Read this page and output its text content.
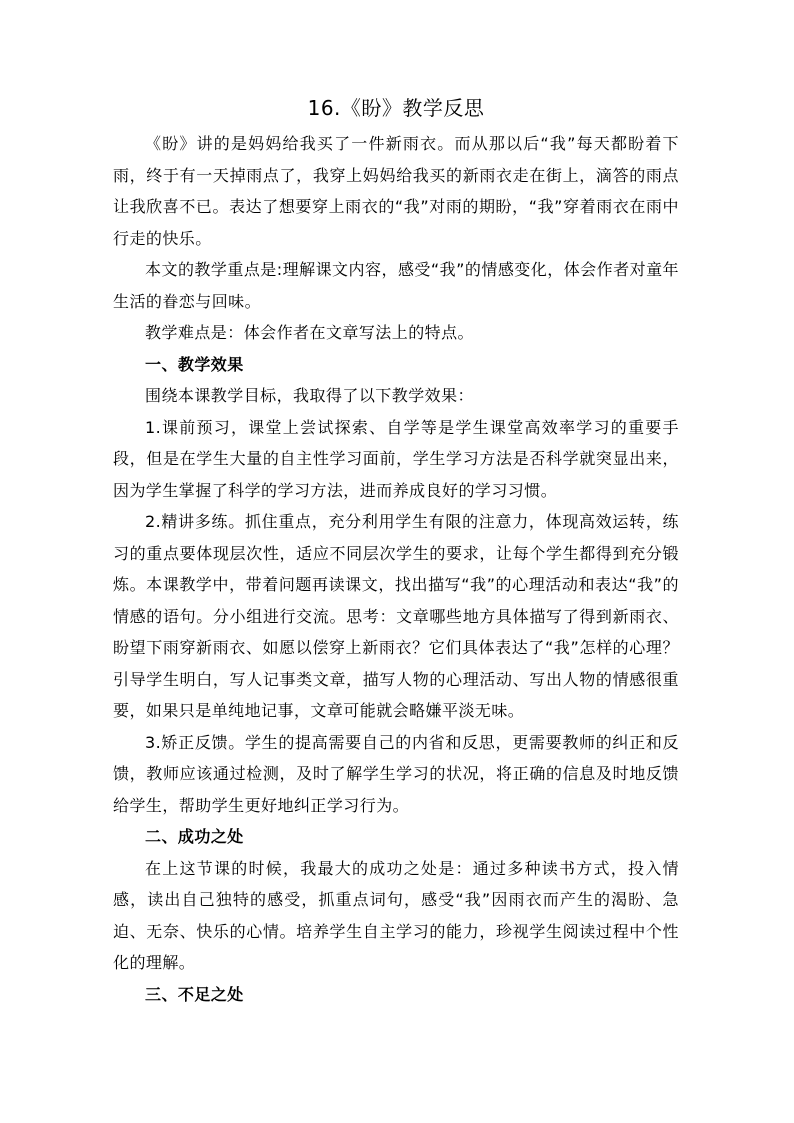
16.《盼》教学反思

《盼》讲的是妈妈给我买了一件新雨衣。而从那以后“我”每天都盼着下雨，终于有一天掉雨点了，我穿上妈妈给我买的新雨衣走在街上，滴答的雨点让我欣喜不已。表达了想要穿上雨衣的“我”对雨的期盼，“我”穿着雨衣在雨中行走的快乐。

本文的教学重点是:理解课文内容，感受“我”的情感变化，体会作者对童年生活的眷恋与回味。

教学难点是：体会作者在文章写法上的特点。

一、教学效果

围绕本课教学目标，我取得了以下教学效果：

1.课前预习，课堂上尝试探索、自学等是学生课堂高效率学习的重要手段，但是在学生大量的自主性学习面前，学生学习方法是否科学就突显出来，因为学生掌握了科学的学习方法，进而养成良好的学习习惯。

2.精讲多练。抓住重点，充分利用学生有限的注意力，体现高效运转，练习的重点要体现层次性，适应不同层次学生的要求，让每个学生都得到充分锻炼。本课教学中，带着问题再读课文，找出描写“我”的心理活动和表达“我”的情感的语句。分小组进行交流。思考：文章哪些地方具体描写了得到新雨衣、盼望下雨穿新雨衣、如愿以偿穿上新雨衣？它们具体表达了“我”怎样的心理？引导学生明白，写人记事类文章，描写人物的心理活动、写出人物的情感很重要，如果只是单纯地记事，文章可能就会略嫌平淡无味。

3.矫正反馈。学生的提高需要自己的内省和反思，更需要教师的纠正和反馈，教师应该通过检测，及时了解学生学习的状况，将正确的信息及时地反馈给学生，帮助学生更好地纠正学习行为。

二、成功之处

在上这节课的时候，我最大的成功之处是：通过多种读书方式，投入情感，读出自己独特的感受，抓重点词句，感受“我”因雨衣而产生的渴盼、急迫、无奈、快乐的心情。培养学生自主学习的能力，珍视学生阅读过程中个性化的理解。

三、不足之处
